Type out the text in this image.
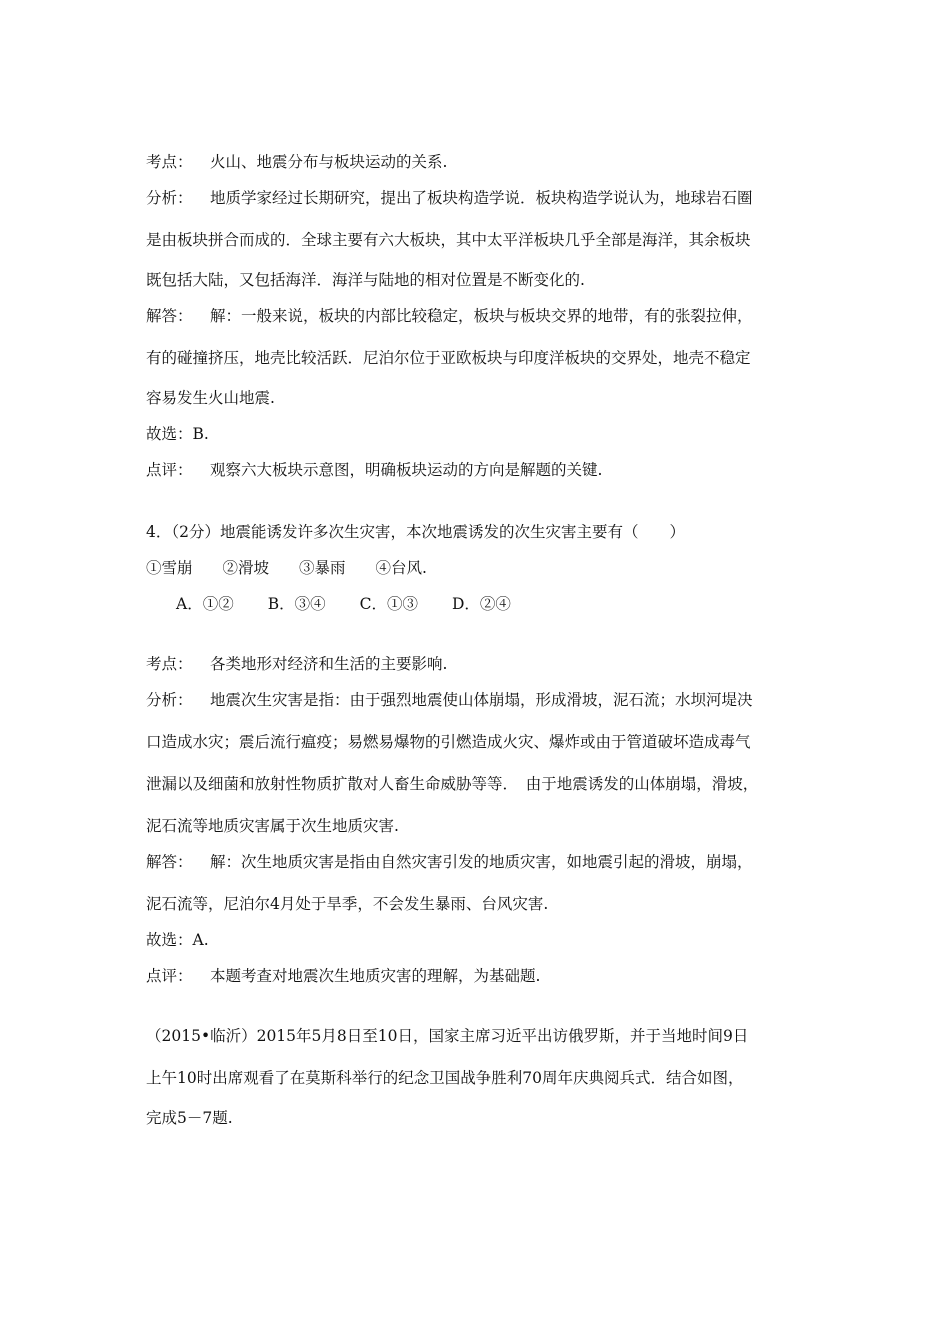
考点： 火山、地震分布与板块运动的关系.
分析： 地质学家经过长期研究，提出了板块构造学说．板块构造学说认为，地球岩石圈
是由板块拼合而成的．全球主要有六大板块，其中太平洋板块几乎全部是海洋，其余板块
既包括大陆，又包括海洋．海洋与陆地的相对位置是不断变化的.
解答： 解：一般来说，板块的内部比较稳定，板块与板块交界的地带，有的张裂拉伸，
有的碰撞挤压，地壳比较活跃．尼泊尔位于亚欧板块与印度洋板块的交界处，地壳不稳定
容易发生火山地震.
故选：B.
点评： 观察六大板块示意图，明确板块运动的方向是解题的关键.
4．（2分）地震能诱发许多次生灾害，本次地震诱发的次生灾害主要有（　　）
①雪崩 ②滑坡 ③暴雨 ④台风.
A．①② B．③④ C．①③ D．②④
考点： 各类地形对经济和生活的主要影响.
分析： 地震次生灾害是指：由于强烈地震使山体崩塌，形成滑坡，泥石流；水坝河堤决
口造成水灾；震后流行瘟疫；易燃易爆物的引燃造成火灾、爆炸或由于管道破坏造成毒气
泄漏以及细菌和放射性物质扩散对人畜生命威胁等等．　由于地震诱发的山体崩塌，滑坡，
泥石流等地质灾害属于次生地质灾害.
解答： 解：次生地质灾害是指由自然灾害引发的地质灾害，如地震引起的滑坡，崩塌，
泥石流等，尼泊尔4月处于旱季，不会发生暴雨、台风灾害.
故选：A.
点评： 本题考查对地震次生地质灾害的理解，为基础题.
（2015•临沂）2015年5月8日至10日，国家主席习近平出访俄罗斯，并于当地时间9日
上午10时出席观看了在莫斯科举行的纪念卫国战争胜利70周年庆典阅兵式．结合如图，
完成5－7题.
